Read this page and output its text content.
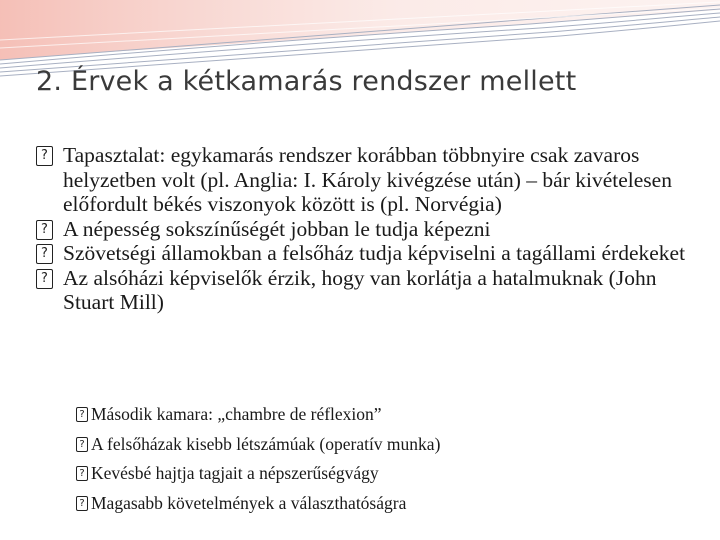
2. Érvek a kétkamarás rendszer mellett
? Tapasztalat: egykamarás rendszer korábban többnyire csak zavaros helyzetben volt (pl. Anglia: I. Károly kivégzése után) – bár kivételesen előfordult békés viszonyok között is (pl. Norvégia)
? A népesség sokszínűségét jobban le tudja képezni
? Szövetségi államokban a felsőház tudja képviselni a tagállami érdekeket
? Az alsóházi képviselők érzik, hogy van korlátja a hatalmuknak (John Stuart Mill)
? Második kamara: „chambre de réflexion”
? A felsőházak kisebb létszámúak (operatív munka)
? Kevésbé hajtja tagjait a népszerűségvágy
? Magasabb követelmények a választhatóságra
